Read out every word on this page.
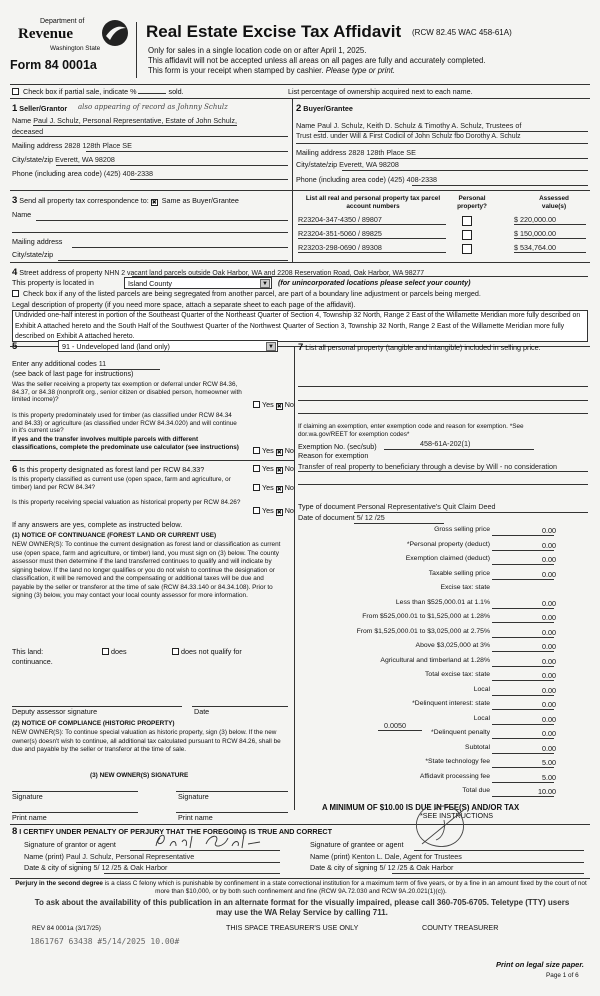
Department of
Revenue
Washington State
Form 84 0001a
Real Estate Excise Tax Affidavit (RCW 82.45 WAC 458-61A)
Only for sales in a single location code on or after April 1, 2025.
This affidavit will not be accepted unless all areas on all pages are fully and accurately completed.
This form is your receipt when stamped by cashier. Please type or print.
Check box if partial sale, indicate %	sold.	List percentage of ownership acquired next to each name.
1 Seller/Grantor also appearing of record as Johnny Schulz
Name Paul J. Schulz, Personal Representative, Estate of John Schulz,
deceased
Mailing address 2828 128th Place SE
City/state/zip Everett, WA 98208
Phone (including area code) (425) 408-2338
2 Buyer/Grantee
Name Paul J. Schulz, Keith D. Schulz & Timothy A. Schulz, Trustees of
Trust estd. under Will & First Codicil of John Schulz fbo Dorothy A. Schulz
Mailing address 2828 128th Place SE
City/state/zip Everett, WA 98208
Phone (including area code) (425) 408-2338
3 Send all property tax correspondence to: ✖ Same as Buyer/Grantee
Name
Mailing address
City/state/zip
List all real and personal property tax parcel account numbers
Personal property?
Assessed value(s)
R23204-347-4350 / 89807	$ 220,000.00
R23204-351-5060 / 89825	$ 150,000.00
R23203-298-0690 / 89308	$ 534,764.00
4 Street address of property NHN 2 vacant land parcels outside Oak Harbor, WA and 2208 Reservation Road, Oak Harbor, WA 98277
This property is located in	Island County	▼ (for unincorporated locations please select your county)
Check box if any of the listed parcels are being segregated from another parcel, are part of a boundary line adjustment or parcels being merged.
Legal description of property (if you need more space, attach a separate sheet to each page of the affidavit).
Undivided one-half interest in portion of the Southeast Quarter of the Northeast Quarter of Section 4, Township 32 North, Range 2 East of the Willamette Meridian more fully described on Exhibit A attached hereto and the South Half of the Southwest Quarter of the Northwest Quarter of Section 3, Township 32 North, Range 2 East of the Willamette Meridian more fully described on Exhibit A attached hereto.
5	91 - Undeveloped land (land only)	▼
Enter any additional codes 11
(see back of last page for instructions)
Was the seller receiving a property tax exemption or deferral under RCW 84.36, 84.37, or 84.38 (nonprofit org., senior citizen or disabled person, homeowner with limited income)?
Yes ✖ No
Is this property predominately used for timber (as classified under RCW 84.34 and 84.33) or agriculture (as classified under RCW 84.34.020) and will continue in it's current use?
If yes and the transfer involves multiple parcels with different classifications, complete the predominate use calculator (see instructions)	Yes ✖ No
6 Is this property designated as forest land per RCW 84.33?	Yes ✖ No
Is this property classified as current use (open space, farm and agriculture, or timber) land per RCW 84.34?	Yes ✖ No
Is this property receiving special valuation as historical property per RCW 84.26?
Yes ✖ No
If any answers are yes, complete as instructed below.
(1) NOTICE OF CONTINUANCE (FOREST LAND OR CURRENT USE)
NEW OWNER(S): To continue the current designation as forest land or classification as current use (open space, farm and agriculture, or timber) land, you must sign on (3) below. The county assessor must then determine if the land transferred continues to qualify and will indicate by signing below. If the land no longer qualifies or you do not wish to continue the designation or classification, it will be removed and the compensating or additional taxes will be due and payable by the seller or transferor at the time of sale (RCW 84.33.140 or 84.34.108). Prior to signing (3) below, you may contact your local county assessor for more information.
This land:	does	does not qualify for
continuance.
Deputy assessor signature	Date
(2) NOTICE OF COMPLIANCE (HISTORIC PROPERTY)
NEW OWNER(S): To continue special valuation as historic property, sign (3) below. If the new owner(s) doesn't wish to continue, all additional tax calculated pursuant to RCW 84.26, shall be due and payable by the seller or transferor at the time of sale.
(3) NEW OWNER(S) SIGNATURE
Signature	Signature
Print name	Print name
7 List all personal property (tangible and intangible) included in selling price.
If claiming an exemption, enter exemption code and reason for exemption. *See dor.wa.gov/REET for exemption codes*
Exemption No. (sec/sub)	458-61A-202(1)
Reason for exemption
Transfer of real property to beneficiary through a devise by Will - no consideration
Type of document Personal Representative's Quit Claim Deed
Date of document 5/ 12 /25
Gross selling price	0.00
*Personal property (deduct)	0.00
Exemption claimed (deduct)	0.00
Taxable selling price	0.00
Excise tax: state
Less than $525,000.01 at 1.1%	0.00
From $525,000.01 to $1,525,000 at 1.28%	0.00
From $1,525,000.01 to $3,025,000 at 2.75%	0.00
Above $3,025,000 at 3%	0.00
Agricultural and timberland at 1.28%	0.00
Total excise tax: state	0.00
Local	0.00
*Delinquent interest: state	0.00
Local	0.00
*Delinquent penalty	0.00
Subtotal	0.00
*State technology fee	5.00
Affidavit processing fee	5.00
Total due	10.00
0.0050
A MINIMUM OF $10.00 IS DUE IN FEE(S) AND/OR TAX
*SEE INSTRUCTIONS
8 I CERTIFY UNDER PENALTY OF PERJURY THAT THE FOREGOING IS TRUE AND CORRECT
Signature of grantor or agent
Name (print) Paul J. Schulz, Personal Representative
Date & city of signing 5/ 12 /25 & Oak Harbor
Signature of grantee or agent
Name (print) Kenton L. Dale, Agent for Trustees
Date & city of signing 5/ 12 /25 & Oak Harbor
Perjury in the second degree is a class C felony which is punishable by confinement in a state correctional institution for a maximum term of five years, or by a fine in an amount fixed by the court of not more than $10,000, or by both such confinement and fine (RCW 9A.72.030 and RCW 9A.20.021(1)(c)).
To ask about the availability of this publication in an alternate format for the visually impaired, please call 360-705-6705. Teletype (TTY) users may use the WA Relay Service by calling 711.
REV 84 0001a (3/17/25)	THIS SPACE TREASURER'S USE ONLY	COUNTY TREASURER
1861767 63438 #5/14/2025 10.00#
Print on legal size paper.
Page 1 of 6
